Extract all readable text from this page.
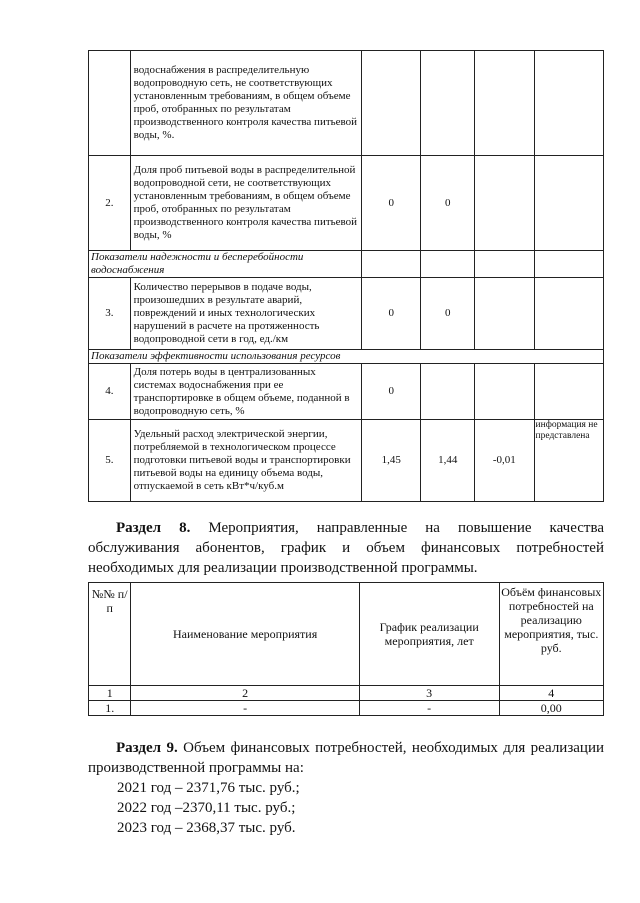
	водоснабжения в распределительную водопроводную сеть, не соответствующих установленным требованиям, в общем объеме проб, отобранных по результатам производственного контроля качества питьевой воды, %.				
2.	Доля проб питьевой воды в распределительной водопроводной сети, не соответствующих установленным требованиям, в общем объеме проб, отобранных по результатам производственного контроля качества питьевой воды, %	0	0		
Показатели надежности и бесперебойности водоснабжения					
3.	Количество перерывов в подаче воды, произошедших в результате аварий, повреждений и иных технологических нарушений в расчете на протяженность водопроводной сети в год, ед./км	0	0		
Показатели эффективности использования ресурсов					
4.	Доля потерь воды в централизованных системах водоснабжения при ее транспортировке в общем объеме, поданной в водопроводную сеть, %	0			
5.	Удельный расход электрической энергии, потребляемой в технологическом процессе подготовки питьевой воды и транспортировки питьевой воды на единицу объема воды, отпускаемой в сеть кВт*ч/куб.м	1,45	1,44	-0,01	информация не представлена

Раздел 8. Мероприятия, направленные на повышение качества обслуживания абонентов, график и объем финансовых потребностей необходимых для реализации производственной программы.

№№ п/п	Наименование мероприятия	График реализации мероприятия, лет	Объём финансовых потребностей на реализацию мероприятия, тыс. руб.
1	2	3	4
1.	-	-	0,00

Раздел 9. Объем финансовых потребностей, необходимых для реализации производственной программы на:

2021 год – 2371,76 тыс. руб.;

2022 год –2370,11 тыс. руб.;

2023 год – 2368,37 тыс. руб.
